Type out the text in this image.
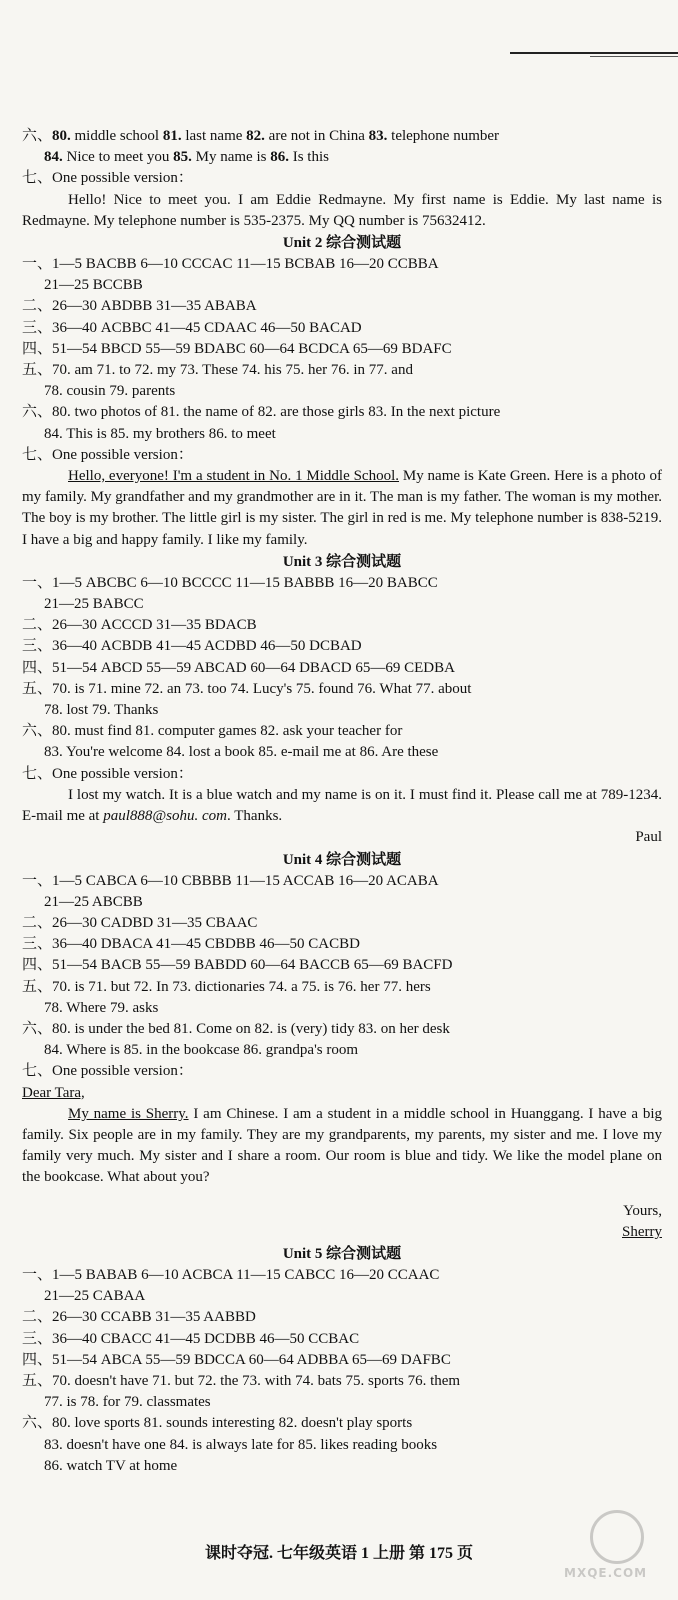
六、80. middle school 81. last name 82. are not in China 83. telephone number
84. Nice to meet you 85. My name is 86. Is this
七、One possible version：
Hello! Nice to meet you. I am Eddie Redmayne. My first name is Eddie. My last name is Redmayne. My telephone number is 535-2375. My QQ number is 75632412.
Unit 2 综合测试题
一、1—5 BACBB 6—10 CCCAC 11—15 BCBAB 16—20 CCBBA
21—25 BCCBB
二、26—30 ABDBB 31—35 ABABA
三、36—40 ACBBC 41—45 CDAAC 46—50 BACAD
四、51—54 BBCD 55—59 BDABC 60—64 BCDCA 65—69 BDAFC
五、70. am 71. to 72. my 73. These 74. his 75. her 76. in 77. and
78. cousin 79. parents
六、80. two photos of 81. the name of 82. are those girls 83. In the next picture
84. This is 85. my brothers 86. to meet
七、One possible version：
Hello, everyone! I'm a student in No. 1 Middle School. My name is Kate Green. Here is a photo of my family. My grandfather and my grandmother are in it. The man is my father. The woman is my mother. The boy is my brother. The little girl is my sister. The girl in red is me. My telephone number is 838-5219. I have a big and happy family. I like my family.
Unit 3 综合测试题
一、1—5 ABCBC 6—10 BCCCC 11—15 BABBB 16—20 BABCC
21—25 BABCC
二、26—30 ACCCD 31—35 BDACB
三、36—40 ACBDB 41—45 ACDBD 46—50 DCBAD
四、51—54 ABCD 55—59 ABCAD 60—64 DBACD 65—69 CEDBA
五、70. is 71. mine 72. an 73. too 74. Lucy's 75. found 76. What 77. about
78. lost 79. Thanks
六、80. must find 81. computer games 82. ask your teacher for
83. You're welcome 84. lost a book 85. e-mail me at 86. Are these
七、One possible version：
I lost my watch. It is a blue watch and my name is on it. I must find it. Please call me at 789-1234. E-mail me at paul888@sohu. com. Thanks.
Paul
Unit 4 综合测试题
一、1—5 CABCA 6—10 CBBBB 11—15 ACCAB 16—20 ACABA
21—25 ABCBB
二、26—30 CADBD 31—35 CBAAC
三、36—40 DBACA 41—45 CBDBB 46—50 CACBD
四、51—54 BACB 55—59 BABDD 60—64 BACCB 65—69 BACFD
五、70. is 71. but 72. In 73. dictionaries 74. a 75. is 76. her 77. hers
78. Where 79. asks
六、80. is under the bed 81. Come on 82. is (very) tidy 83. on her desk
84. Where is 85. in the bookcase 86. grandpa's room
七、One possible version：
Dear Tara,
My name is Sherry. I am Chinese. I am a student in a middle school in Huanggang. I have a big family. Six people are in my family. They are my grandparents, my parents, my sister and me. I love my family very much. My sister and I share a room. Our room is blue and tidy. We like the model plane on the bookcase. What about you?
Yours,
Sherry
Unit 5 综合测试题
一、1—5 BABAB 6—10 ACBCA 11—15 CABCC 16—20 CCAAC
21—25 CABAA
二、26—30 CCABB 31—35 AABBD
三、36—40 CBACC 41—45 DCDBB 46—50 CCBAC
四、51—54 ABCA 55—59 BDCCA 60—64 ADBBA 65—69 DAFBC
五、70. doesn't have 71. but 72. the 73. with 74. bats 75. sports 76. them
77. is 78. for 79. classmates
六、80. love sports 81. sounds interesting 82. doesn't play sports
83. doesn't have one 84. is always late for 85. likes reading books
86. watch TV at home
课时夺冠. 七年级英语 1 上册 第 175 页
MXQE.COM
